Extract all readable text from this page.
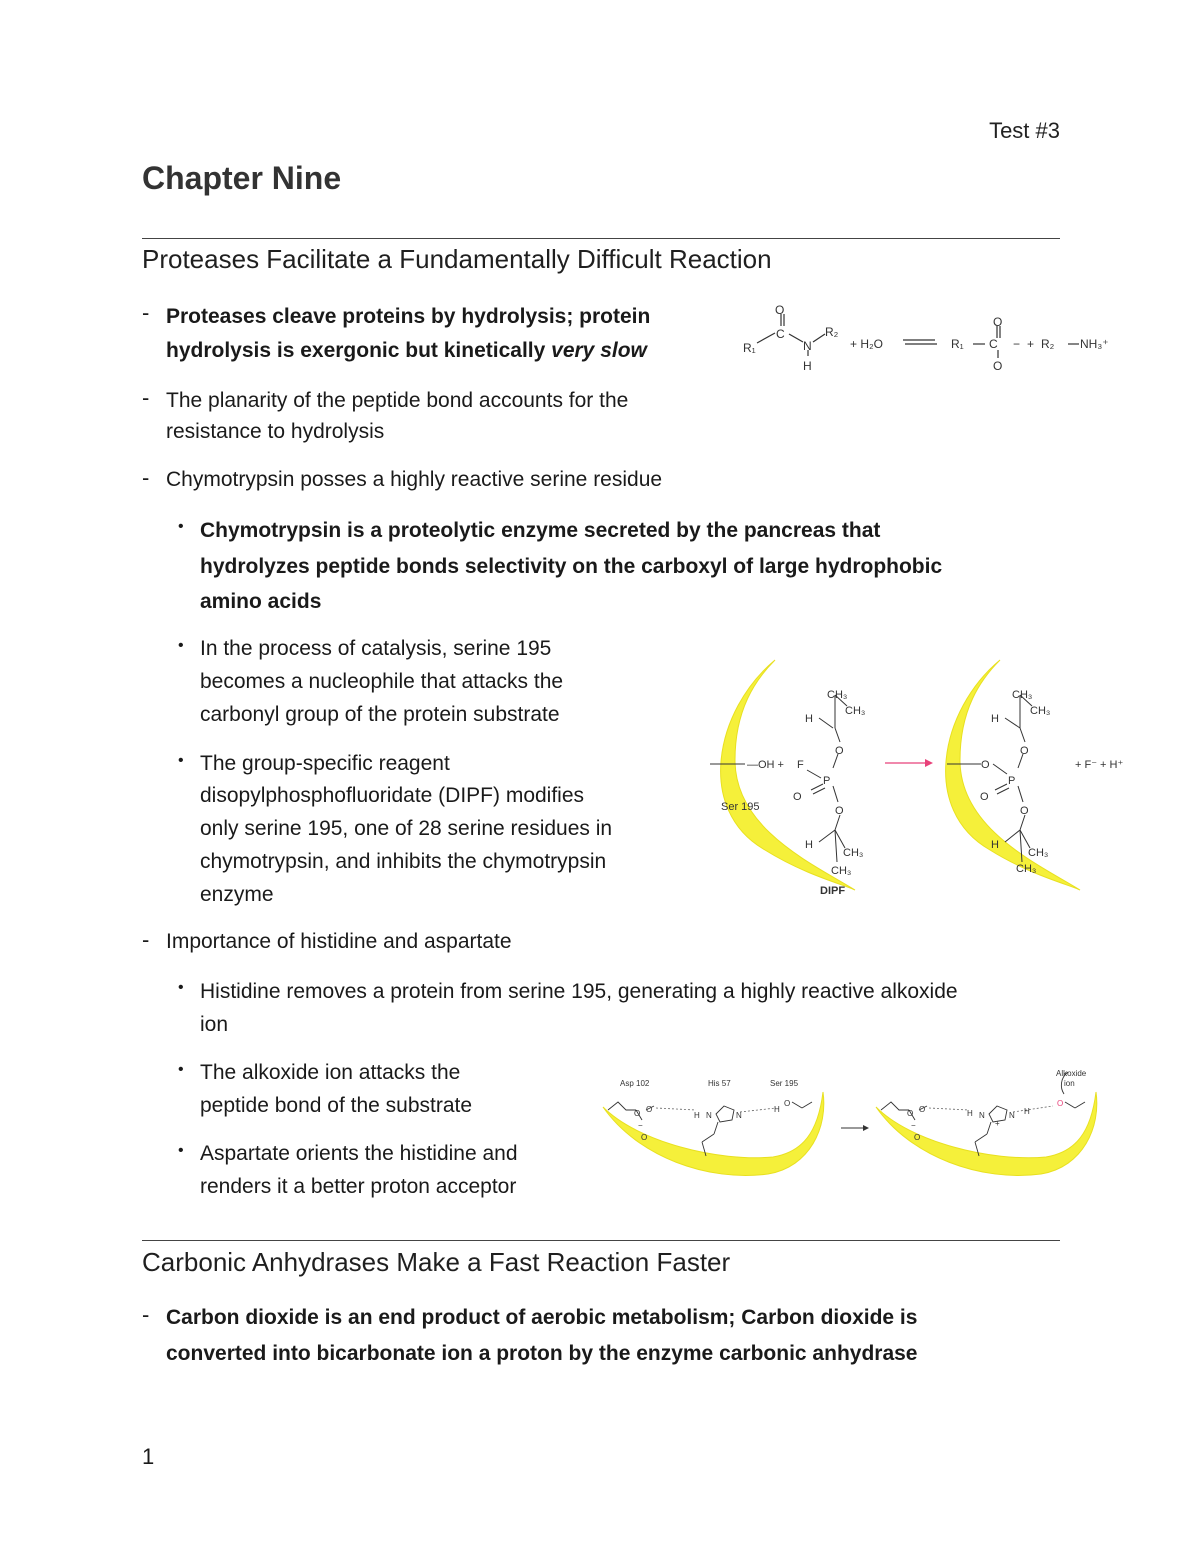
Test #3
Chapter Nine
Proteases Facilitate a Fundamentally Difficult Reaction
- Proteases cleave proteins by hydrolysis; protein
hydrolysis is exergonic but kinetically very slow
- The planarity of the peptide bond accounts for the
resistance to hydrolysis
- Chymotrypsin posses a highly reactive serine residue
• Chymotrypsin is a proteolytic enzyme secreted by the pancreas that
hydrolyzes peptide bonds selectivity on the carboxyl of large hydrophobic
amino acids
• In the process of catalysis, serine 195
becomes a nucleophile that attacks the
carbonyl group of the protein substrate
• The group-specific reagent
disopylphosphofluoridate (DIPF) modifies
only serine 195, one of 28 serine residues in
chymotrypsin, and inhibits the chymotrypsin
enzyme
- Importance of histidine and aspartate
• Histidine removes a protein from serine 195, generating a highly reactive alkoxide
ion
• The alkoxide ion attacks the
peptide bond of the substrate
• Aspartate orients the histidine and
renders it a better proton acceptor
Carbonic Anhydrases Make a Fast Reaction Faster
- Carbon dioxide is an end product of aerobic metabolism; Carbon dioxide is
converted into bicarbonate ion a proton by the enzyme carbonic anhydrase
1
O
C
R₁	N
R₂
H
+ H₂O	R₁
O
C
O
− + R₂ NH₃⁺
CH₃
CH₃
H
O
—OH + F
P
O
O
H
CH₃
CH₃
Ser 195
DIPF
CH₃
CH₃
H
O
O
P
O
O
H
CH₃
CH₃
+ F⁻ + H⁺
Asp 102	His 57	Ser 195
O O
−
O
H N	N
H
O
Alkoxide
ion
O O
−
O
H N
+
N H
O
